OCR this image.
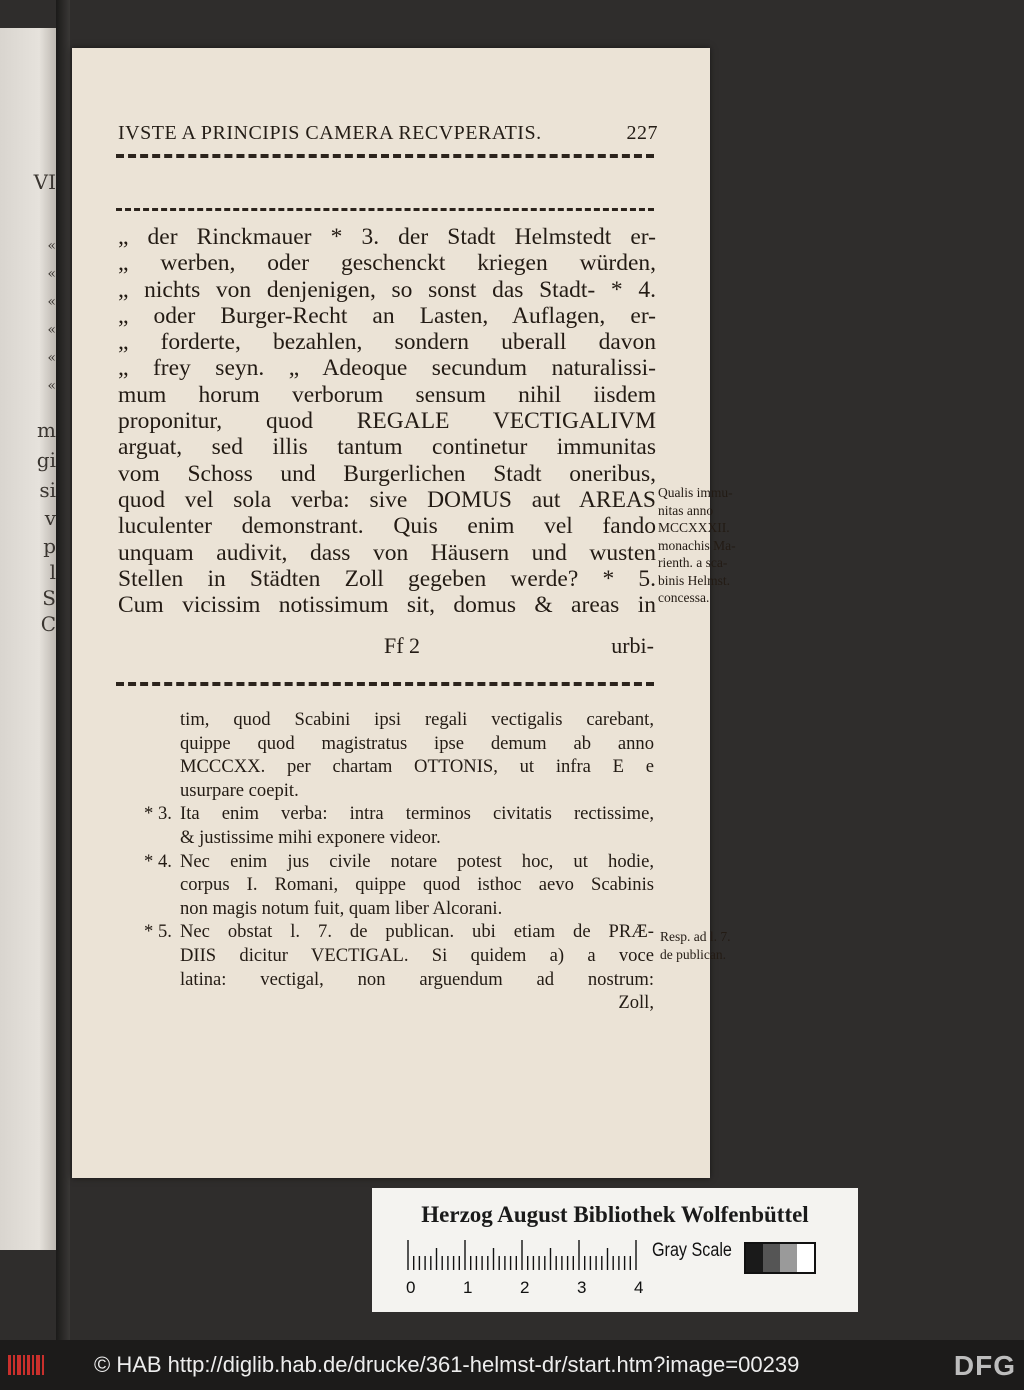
VI
«
«
«
«
«
«
m
gi
si
v
p
l
S
C
IVSTE A PRINCIPIS CAMERA RECVPERATIS.	227
„ der Rinckmauer * 3. der Stadt Helmstedt er-
„ werben, oder geschenckt kriegen würden,
„ nichts von denjenigen, so sonst das Stadt- * 4.
„ oder Burger-Recht an Lasten, Auflagen, er-
„ forderte, bezahlen, sondern uberall davon
„ frey seyn. „ Adeoque secundum naturalissi-
mum horum verborum sensum nihil iisdem
proponitur, quod REGALE VECTIGALIVM
arguat, sed illis tantum continetur immunitas
vom Schoss und Burgerlichen Stadt oneribus,
quod vel sola verba: sive DOMUS aut AREAS
luculenter demonstrant. Quis enim vel fando
unquam audivit, dass von Häusern und wusten
Stellen in Städten Zoll gegeben werde? * 5.
Cum vicissim notissimum sit, domus & areas in
Ff 2	urbi-
tim, quod Scabini ipsi regali vectigalis carebant,
quippe quod magistratus ipse demum ab anno
MCCCXX. per chartam OTTONIS, ut infra E e
usurpare coepit.
* 3. Ita enim verba: intra terminos civitatis rectissime,
& justissime mihi exponere videor.
* 4. Nec enim jus civile notare potest hoc, ut hodie,
corpus I. Romani, quippe quod isthoc aevo Scabinis
non magis notum fuit, quam liber Alcorani.
* 5. Nec obstat l. 7. de publican. ubi etiam de PRÆ-
DIIS dicitur VECTIGAL. Si quidem a) a voce
latina: vectigal, non arguendum ad nostrum:
Zoll,
Qualis immu-
nitas anno
MCCXXXII.
monachis Ma-
rienth. a sca-
binis Helmst.
concessa.
Resp. ad l. 7.
de publican.
Herzog August Bibliothek Wolfenbüttel
0	1	2	3	4
Gray Scale
© HAB http://diglib.hab.de/drucke/361-helmst-dr/start.htm?image=00239	DFG
